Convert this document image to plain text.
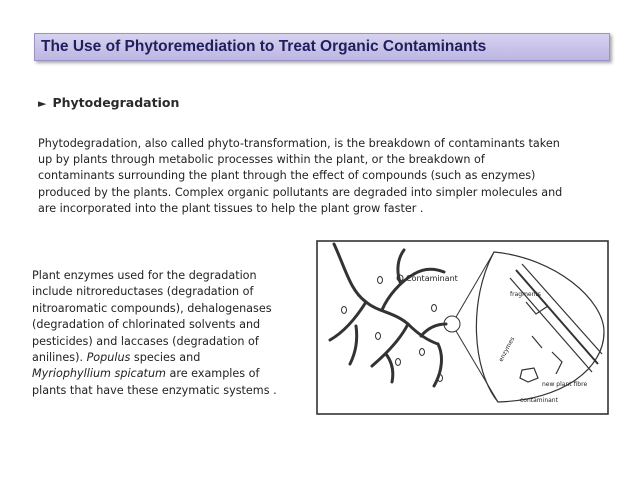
The Use of Phytoremediation to Treat Organic Contaminants
► Phytodegradation
Phytodegradation, also called phyto-transformation, is the breakdown of contaminants taken
up by plants through metabolic processes within the plant, or the breakdown of
contaminants surrounding the plant through the effect of compounds (such as enzymes)
produced by the plants. Complex organic pollutants are degraded into simpler molecules and
are incorporated into the plant tissues to help the plant grow faster .
Plant enzymes used for the degradation
include nitroreductases (degradation of
nitroaromatic compounds), dehalogenases
(degradation of chlorinated solvents and
pesticides) and laccases (degradation of
anilines). Populus species and
Myriophyllium spicatum are examples of
plants that have these enzymatic systems .
Contaminant
fragments
enzymes
new plant fibre
contaminant
